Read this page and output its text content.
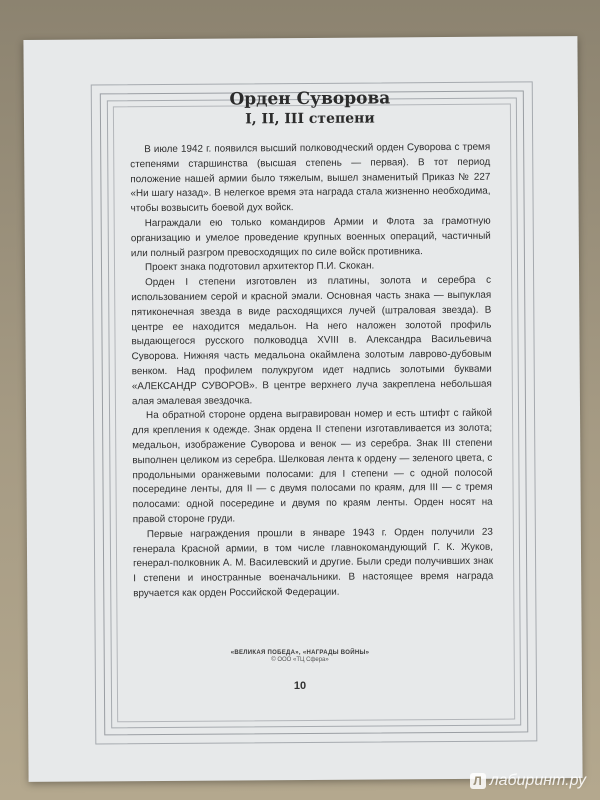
Орден Суворова
I, II, III степени

В июле 1942 г. появился высший полководческий орден Суворова с тремя степенями старшинства (высшая степень — первая). В тот период положение нашей армии было тяжелым, вышел знаменитый Приказ № 227 «Ни шагу назад». В нелегкое время эта награда стала жизненно необходима, чтобы возвысить боевой дух войск.

Награждали ею только командиров Армии и Флота за грамотную организацию и умелое проведение крупных военных операций, частичный или полный разгром превосходящих по силе войск противника.

Проект знака подготовил архитектор П.И. Скокан.

Орден I степени изготовлен из платины, золота и серебра с использованием серой и красной эмали. Основная часть знака — выпуклая пятиконечная звезда в виде расходящихся лучей (штраловая звезда). В центре ее находится медальон. На него наложен золотой профиль выдающегося русского полководца XVIII в. Александра Васильевича Суворова. Нижняя часть медальона окаймлена золотым лаврово-дубовым венком. Над профилем полукругом идет надпись золотыми буквами «АЛЕКСАНДР СУВОРОВ». В центре верхнего луча закреплена небольшая алая эмалевая звездочка.

На обратной стороне ордена выгравирован номер и есть штифт с гайкой для крепления к одежде. Знак ордена II степени изготавливается из золота; медальон, изображение Суворова и венок — из серебра. Знак III степени выполнен целиком из серебра. Шелковая лента к ордену — зеленого цвета, с продольными оранжевыми полосами: для I степени — с одной полосой посередине ленты, для II — с двумя полосами по краям, для III — с тремя полосами: одной посередине и двумя по краям ленты. Орден носят на правой стороне груди.

Первые награждения прошли в январе 1943 г. Орден получили 23 генерала Красной армии, в том числе главнокомандующий Г. К. Жуков, генерал-полковник А. М. Василевский и другие. Были среди получивших знак I степени и иностранные военачальники. В настоящее время награда вручается как орден Российской Федерации.

«ВЕЛИКАЯ ПОБЕДА», «НАГРАДЫ ВОЙНЫ»
© ООО «ТЦ Сфера»
10
Л лабиринт.ру
